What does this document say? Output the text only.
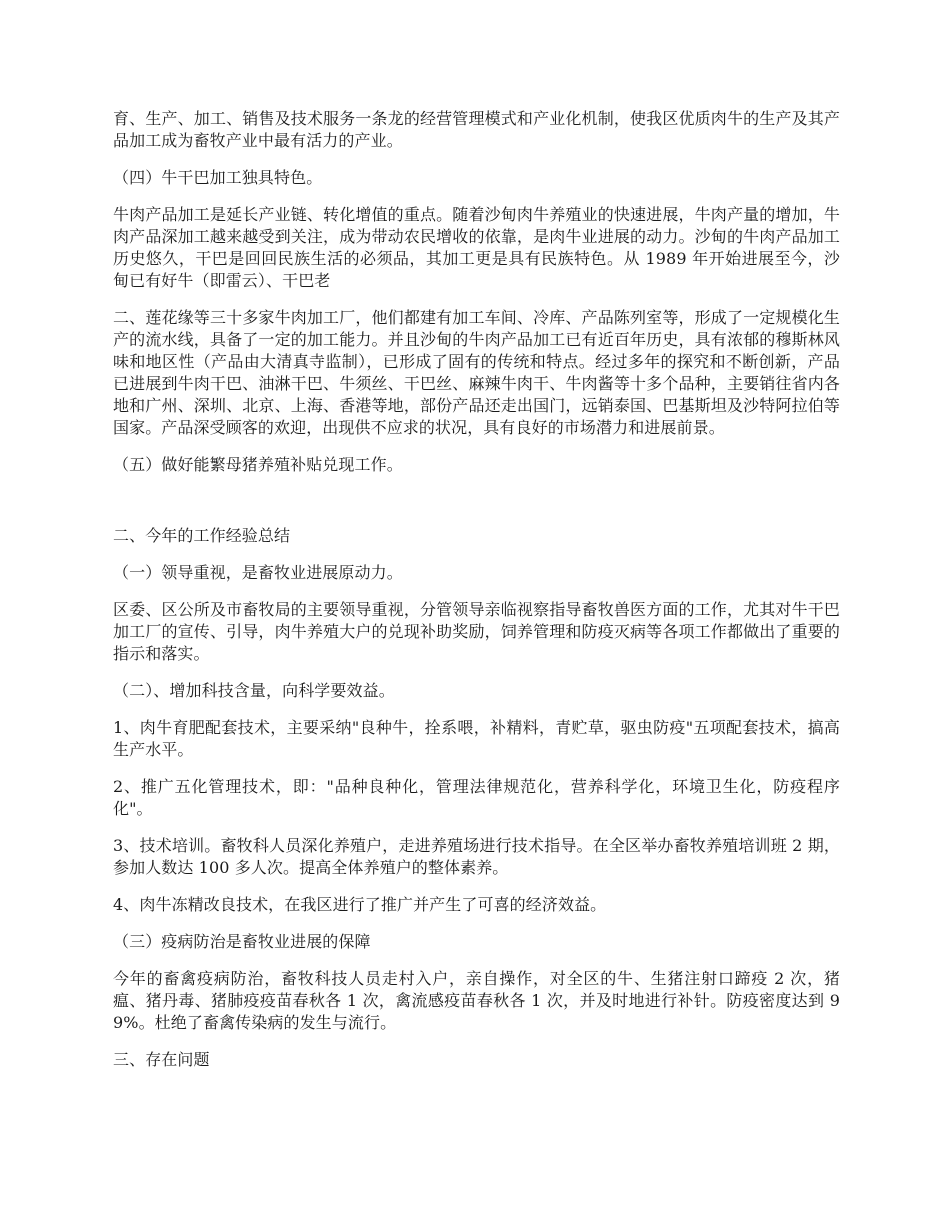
育、生产、加工、销售及技术服务一条龙的经营管理模式和产业化机制，使我区优质肉牛的生产及其产品加工成为畜牧产业中最有活力的产业。

（四）牛干巴加工独具特色。

牛肉产品加工是延长产业链、转化增值的重点。随着沙甸肉牛养殖业的快速进展，牛肉产量的增加，牛肉产品深加工越来越受到关注，成为带动农民增收的依靠，是肉牛业进展的动力。沙甸的牛肉产品加工历史悠久，干巴是回回民族生活的必须品，其加工更是具有民族特色。从 1989 年开始进展至今，沙甸已有好牛（即雷云）、干巴老

二、莲花缘等三十多家牛肉加工厂，他们都建有加工车间、冷库、产品陈列室等，形成了一定规模化生产的流水线，具备了一定的加工能力。并且沙甸的牛肉产品加工已有近百年历史，具有浓郁的穆斯林风味和地区性（产品由大清真寺监制），已形成了固有的传统和特点。经过多年的探究和不断创新，产品已进展到牛肉干巴、油淋干巴、牛须丝、干巴丝、麻辣牛肉干、牛肉酱等十多个品种，主要销往省内各地和广州、深圳、北京、上海、香港等地，部份产品还走出国门，远销泰国、巴基斯坦及沙特阿拉伯等国家。产品深受顾客的欢迎，出现供不应求的状况，具有良好的市场潜力和进展前景。

（五）做好能繁母猪养殖补贴兑现工作。

二、今年的工作经验总结

（一）领导重视，是畜牧业进展原动力。

区委、区公所及市畜牧局的主要领导重视，分管领导亲临视察指导畜牧兽医方面的工作，尤其对牛干巴加工厂的宣传、引导，肉牛养殖大户的兑现补助奖励，饲养管理和防疫灭病等各项工作都做出了重要的指示和落实。

（二）、增加科技含量，向科学要效益。

1、肉牛育肥配套技术，主要采纳"良种牛，拴系喂，补精料，青贮草，驱虫防疫"五项配套技术，搞高生产水平。

2、推广五化管理技术，即："品种良种化，管理法律规范化，营养科学化，环境卫生化，防疫程序化"。

3、技术培训。畜牧科人员深化养殖户，走进养殖场进行技术指导。在全区举办畜牧养殖培训班 2 期，参加人数达 100 多人次。提高全体养殖户的整体素养。

4、肉牛冻精改良技术，在我区进行了推广并产生了可喜的经济效益。

（三）疫病防治是畜牧业进展的保障

今年的畜禽疫病防治，畜牧科技人员走村入户，亲自操作，对全区的牛、生猪注射口蹄疫 2 次，猪瘟、猪丹毒、猪肺疫疫苗春秋各 1 次，禽流感疫苗春秋各 1 次，并及时地进行补针。防疫密度达到 99%。杜绝了畜禽传染病的发生与流行。

三、存在问题
